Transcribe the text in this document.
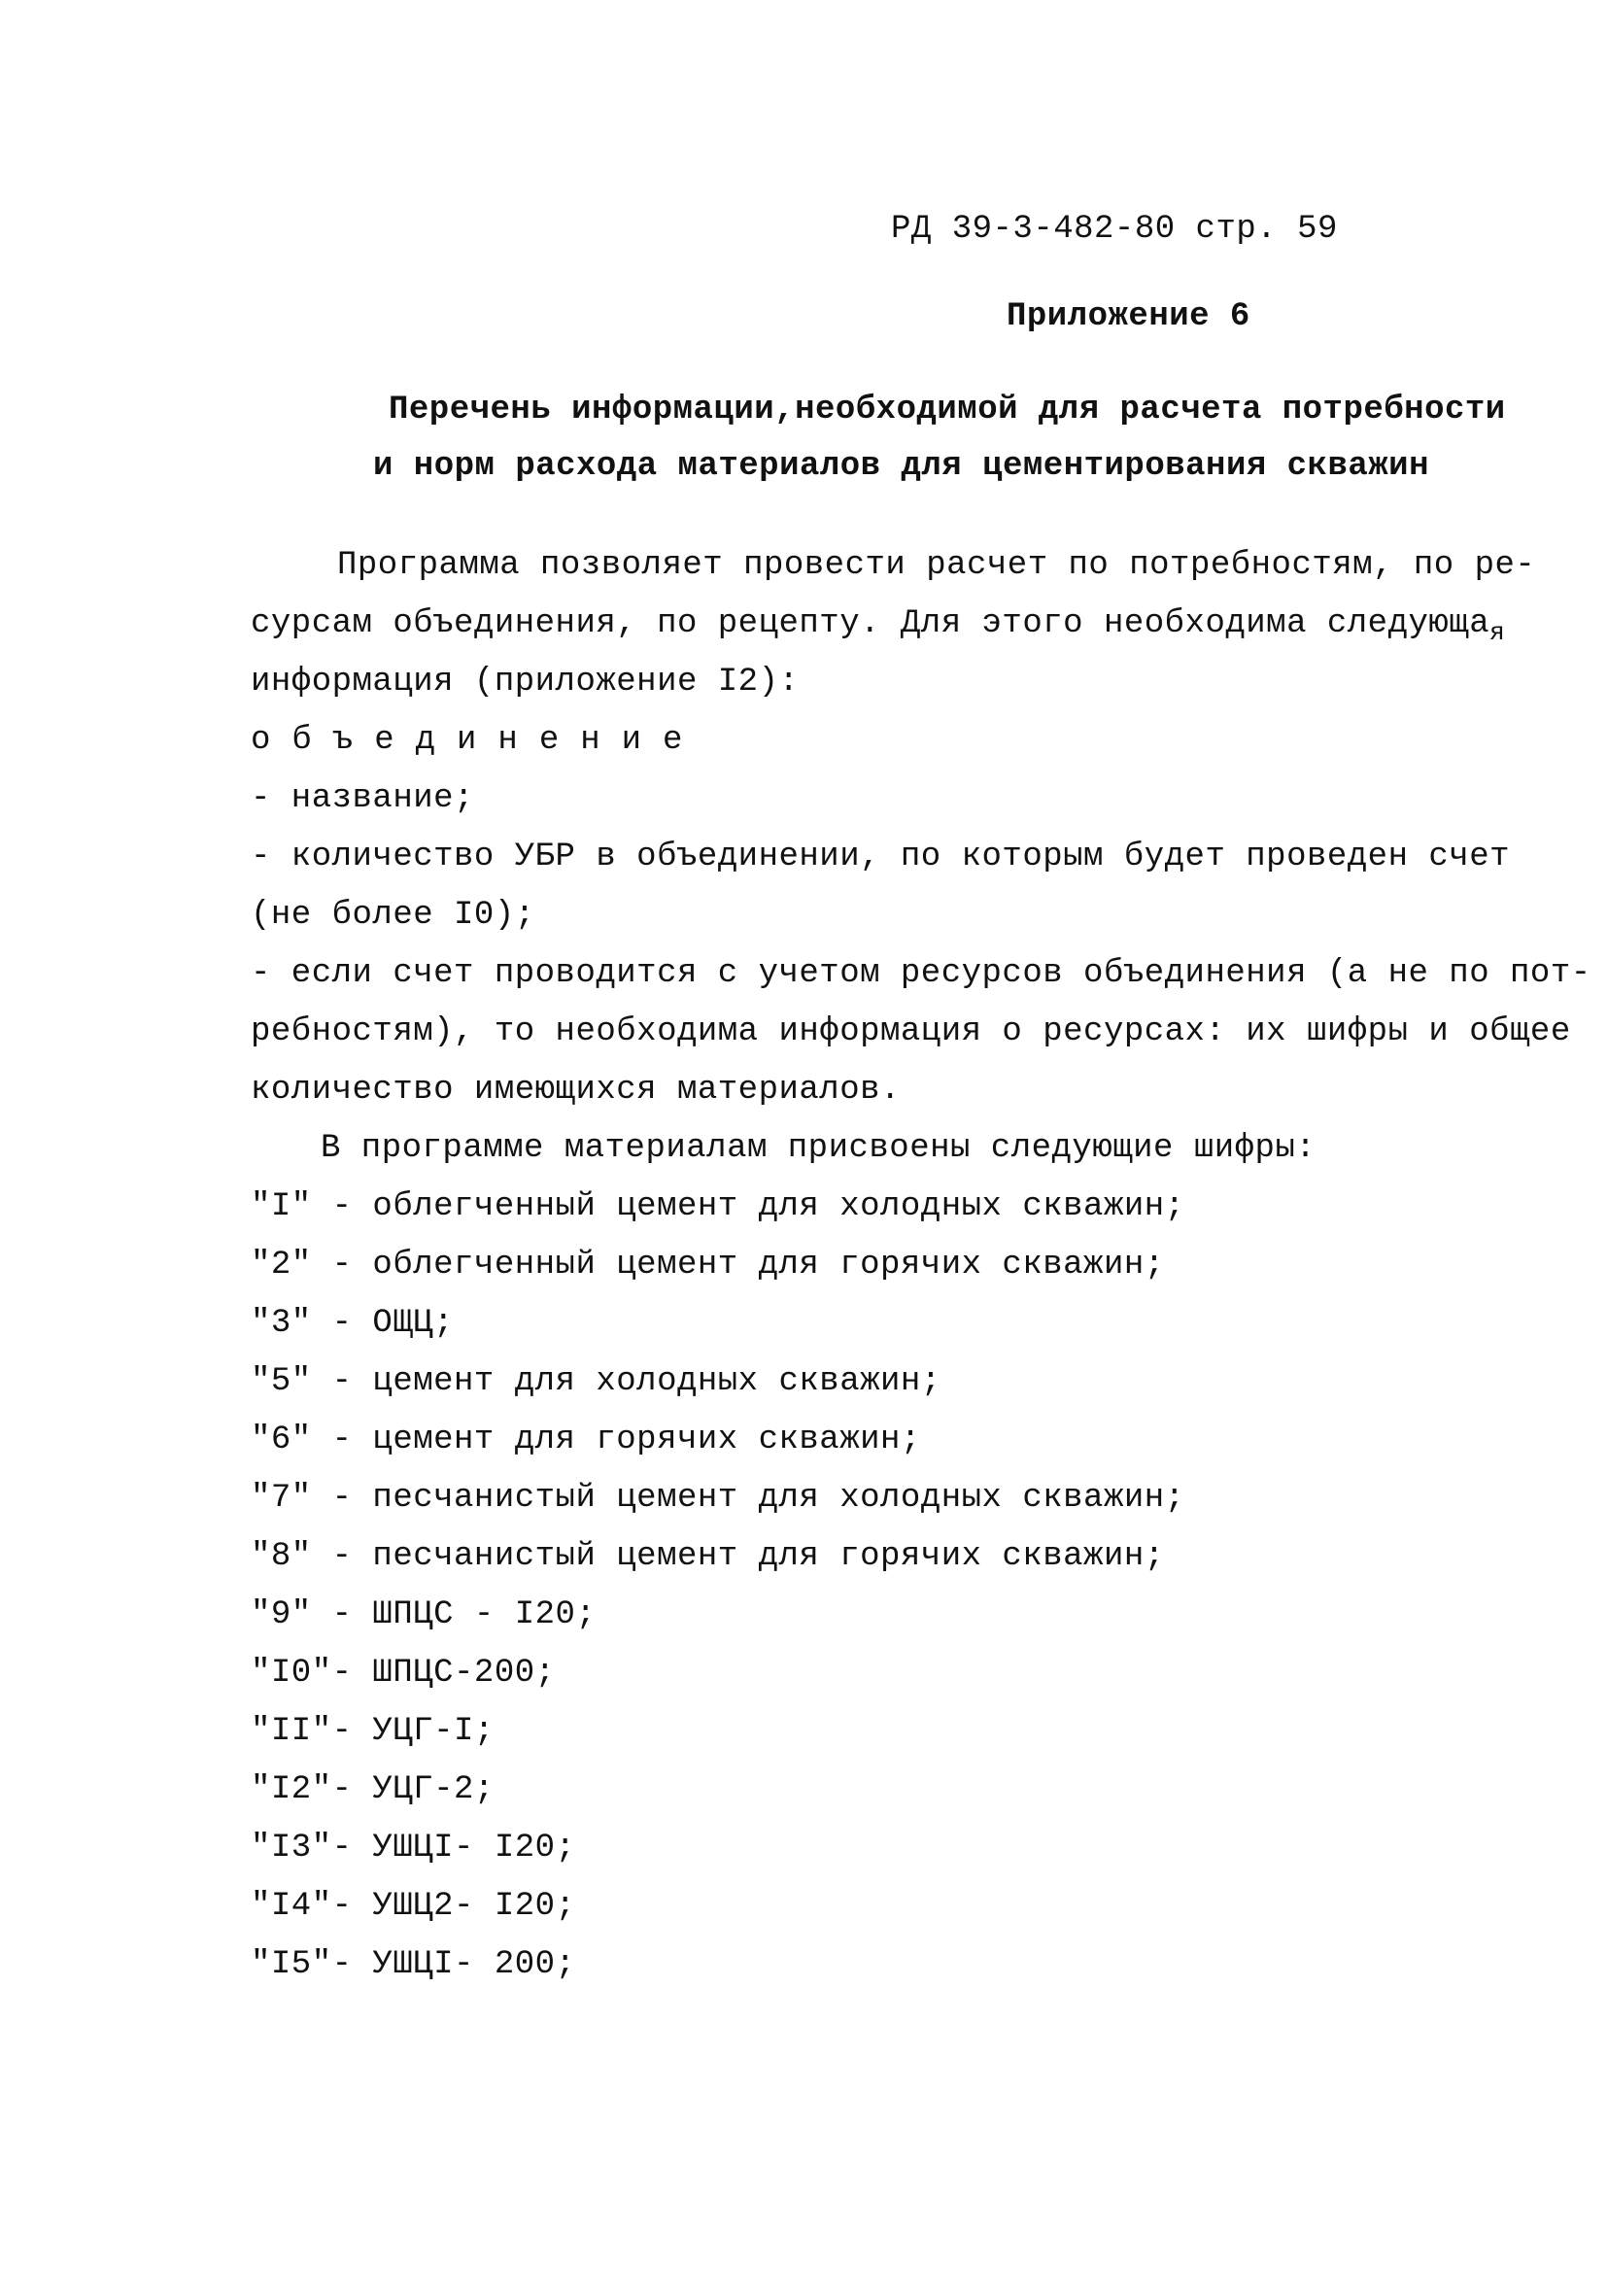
РД 39-3-482-80 стр. 59
Приложение 6
Перечень информации,необходимой для расчета потребности
и норм расхода материалов для цементирования скважин
Программа позволяет провести расчет по потребностям, по ре-
сурсам объединения, по рецепту. Для этого необходима следующа$_я$
информация (приложение I2):
объединение
- название;
- количество УБР в объединении, по которым будет проведен счет
(не более I0);
- если счет проводится с учетом ресурсов объединения (а не по пот-
ребностям), то необходима информация о ресурсах: их шифры и общее
количество имеющихся материалов.
В программе материалам присвоены следующие шифры:
"I" - облегченный цемент для холодных скважин;
"2" - облегченный цемент для горячих скважин;
"3" - ОЩЦ;
"5" - цемент для холодных скважин;
"6" - цемент для горячих скважин;
"7" - песчанистый цемент для холодных скважин;
"8" - песчанистый цемент для горячих скважин;
"9" - ШПЦС - I20;
"I0"- ШПЦС-200;
"II"- УЦГ-I;
"I2"- УЦГ-2;
"I3"- УШЦI- I20;
"I4"- УШЦ2- I20;
"I5"- УШЦI- 200;
